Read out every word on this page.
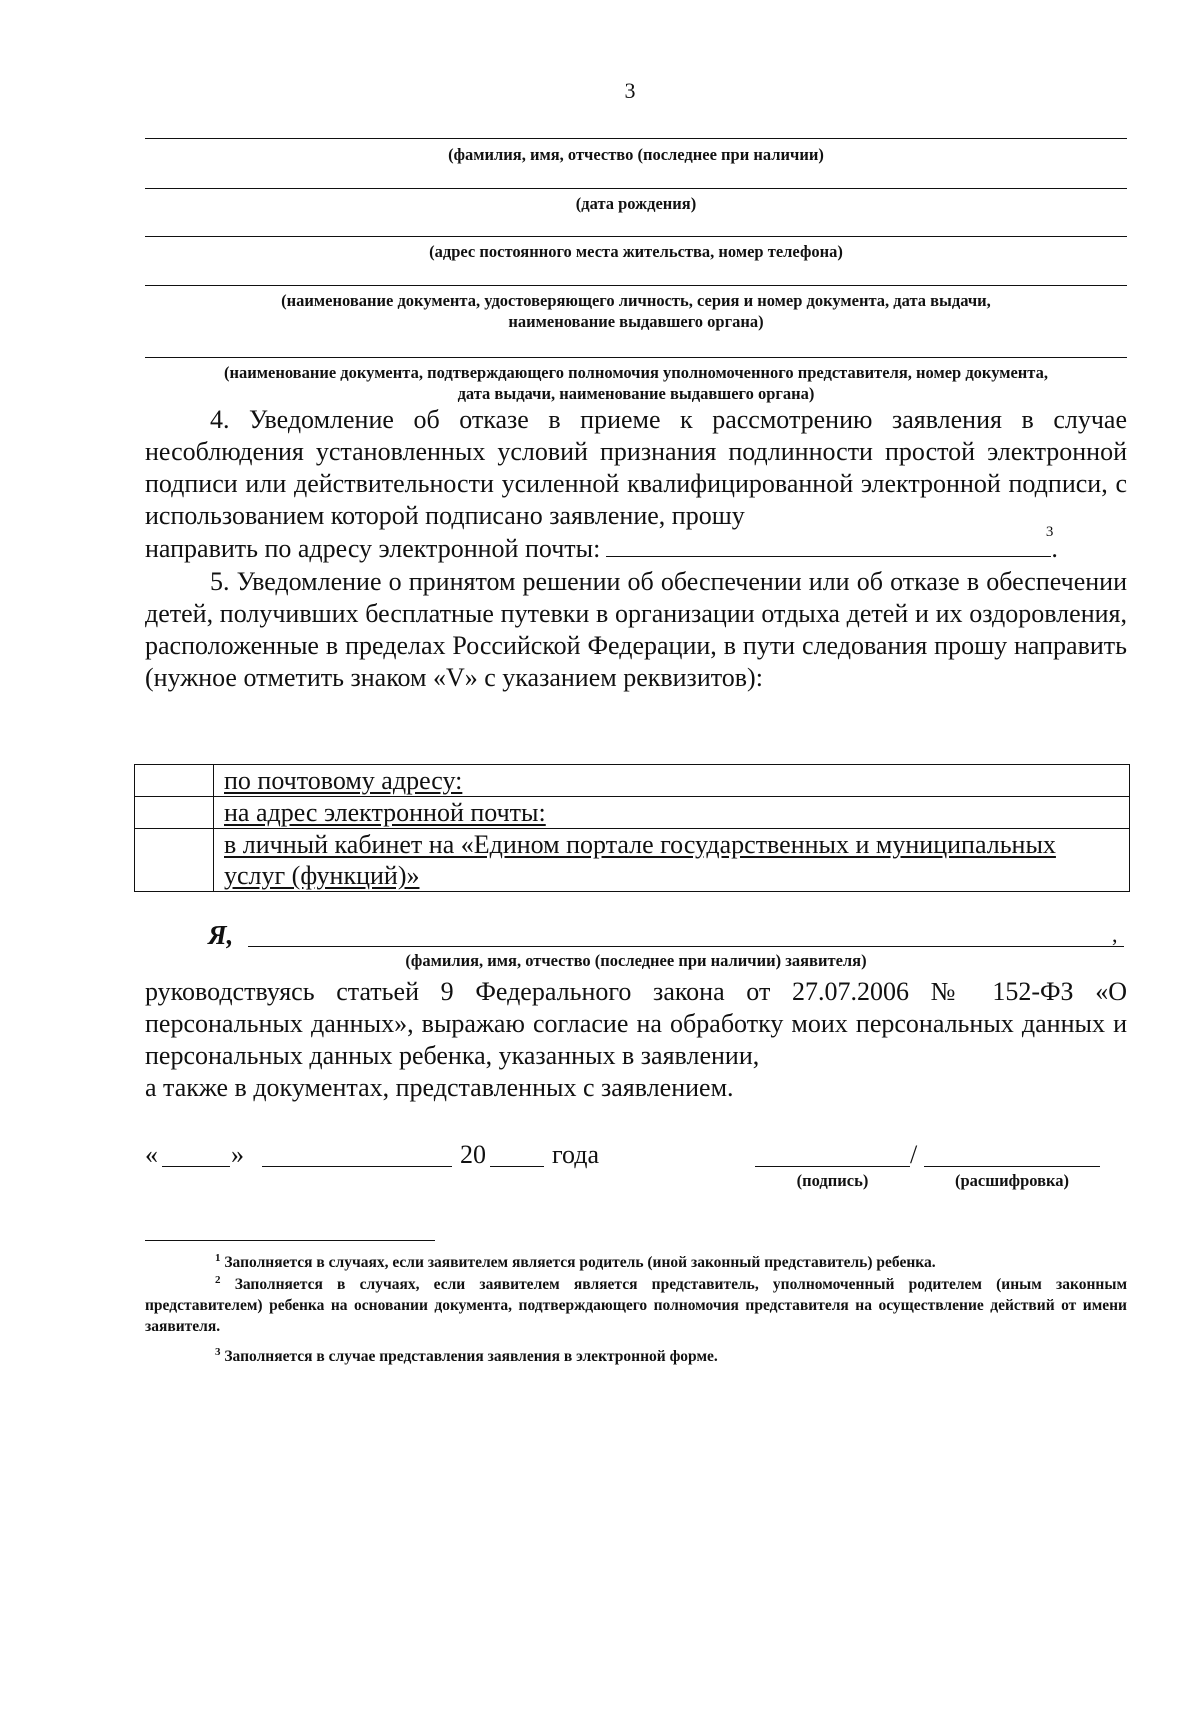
3
(фамилия, имя, отчество (последнее при наличии)
(дата рождения)
(адрес постоянного места жительства, номер телефона)
(наименование документа, удостоверяющего личность, серия и номер документа, дата выдачи,
наименование выдавшего органа)
(наименование документа, подтверждающего полномочия уполномоченного представителя, номер документа,
дата выдачи, наименование выдавшего органа)

4. Уведомление об отказе в приеме к рассмотрению заявления в случае несоблюдения установленных условий признания подлинности простой электронной подписи или действительности усиленной квалифицированной электронной подписи, с использованием которой подписано заявление, прошу

направить по адресу электронной почты:
3
.

5. Уведомление о принятом решении об обеспечении или об отказе в обеспечении детей, получивших бесплатные путевки в организации отдыха детей и их оздоровления, расположенные в пределах Российской Федерации, в пути следования прошу направить (нужное отметить знаком «V» с указанием реквизитов):

	по почтовому адресу:
	на адрес электронной почты:
	в личный кабинет на «Едином портале государственных и муниципальных услуг (функций)»
Я,	,
(фамилия, имя, отчество (последнее при наличии) заявителя)

руководствуясь статьей 9 Федерального закона от 27.07.2006 № 152-ФЗ «О персональных данных», выражаю согласие на обработку моих персональных данных и персональных данных ребенка, указанных в заявлении,

а также в документах, представленных с заявлением.

«	»	20	года	/
(подпись)	(расшифровка)
$^1$ Заполняется в случаях, если заявителем является родитель (иной законный представитель) ребенка.
$^2$ Заполняется в случаях, если заявителем является представитель, уполномоченный родителем (иным законным представителем) ребенка на основании документа, подтверждающего полномочия представителя на осуществление действий от имени заявителя.
$^3$ Заполняется в случае представления заявления в электронной форме.
